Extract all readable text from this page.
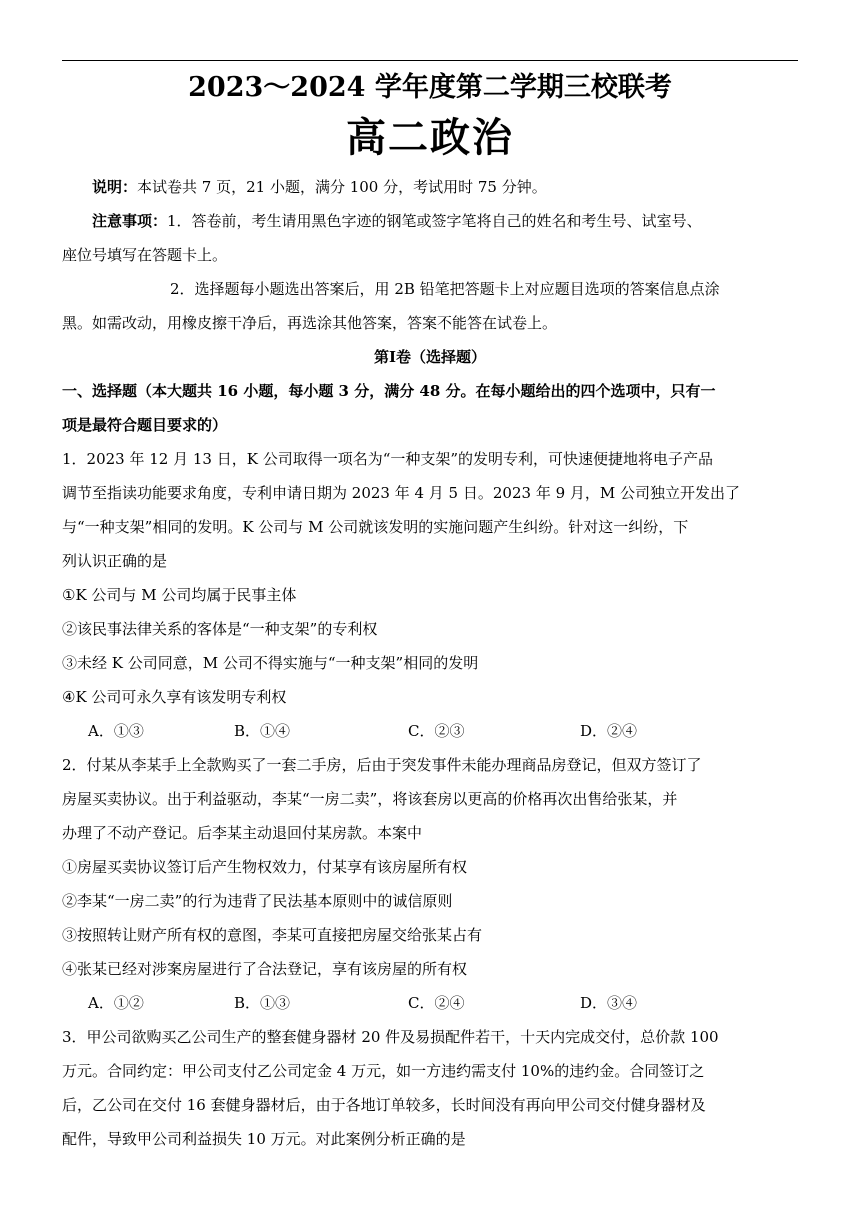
2023～2024 学年度第二学期三校联考
高二政治

说明：本试卷共 7 页，21 小题，满分 100 分，考试用时 75 分钟。

注意事项：1．答卷前，考生请用黑色字迹的钢笔或签字笔将自己的姓名和考生号、试室号、

座位号填写在答题卡上。

2．选择题每小题选出答案后，用 2B 铅笔把答题卡上对应题目选项的答案信息点涂

黑。如需改动，用橡皮擦干净后，再选涂其他答案，答案不能答在试卷上。

第Ⅰ卷（选择题）
一、选择题（本大题共 16 小题，每小题 3 分，满分 48 分。在每小题给出的四个选项中，只有一
项是最符合题目要求的）

1．2023 年 12 月 13 日，K 公司取得一项名为“一种支架”的发明专利，可快速便捷地将电子产品

调节至指读功能要求角度，专利申请日期为 2023 年 4 月 5 日。2023 年 9 月，M 公司独立开发出了

与“一种支架”相同的发明。K 公司与 M 公司就该发明的实施问题产生纠纷。针对这一纠纷，下

列认识正确的是

①K 公司与 M 公司均属于民事主体

②该民事法律关系的客体是“一种支架”的专利权

③未经 K 公司同意，M 公司不得实施与“一种支架”相同的发明

④K 公司可永久享有该发明专利权

A．①③	B．①④	C．②③	D．②④

2．付某从李某手上全款购买了一套二手房，后由于突发事件未能办理商品房登记，但双方签订了

房屋买卖协议。出于利益驱动，李某“一房二卖”，将该套房以更高的价格再次出售给张某，并

办理了不动产登记。后李某主动退回付某房款。本案中

①房屋买卖协议签订后产生物权效力，付某享有该房屋所有权

②李某“一房二卖”的行为违背了民法基本原则中的诚信原则

③按照转让财产所有权的意图，李某可直接把房屋交给张某占有

④张某已经对涉案房屋进行了合法登记，享有该房屋的所有权

A．①②	B．①③	C．②④	D．③④

3．甲公司欲购买乙公司生产的整套健身器材 20 件及易损配件若干，十天内完成交付，总价款 100

万元。合同约定：甲公司支付乙公司定金 4 万元，如一方违约需支付 10%的违约金。合同签订之

后，乙公司在交付 16 套健身器材后，由于各地订单较多，长时间没有再向甲公司交付健身器材及

配件，导致甲公司利益损失 10 万元。对此案例分析正确的是
